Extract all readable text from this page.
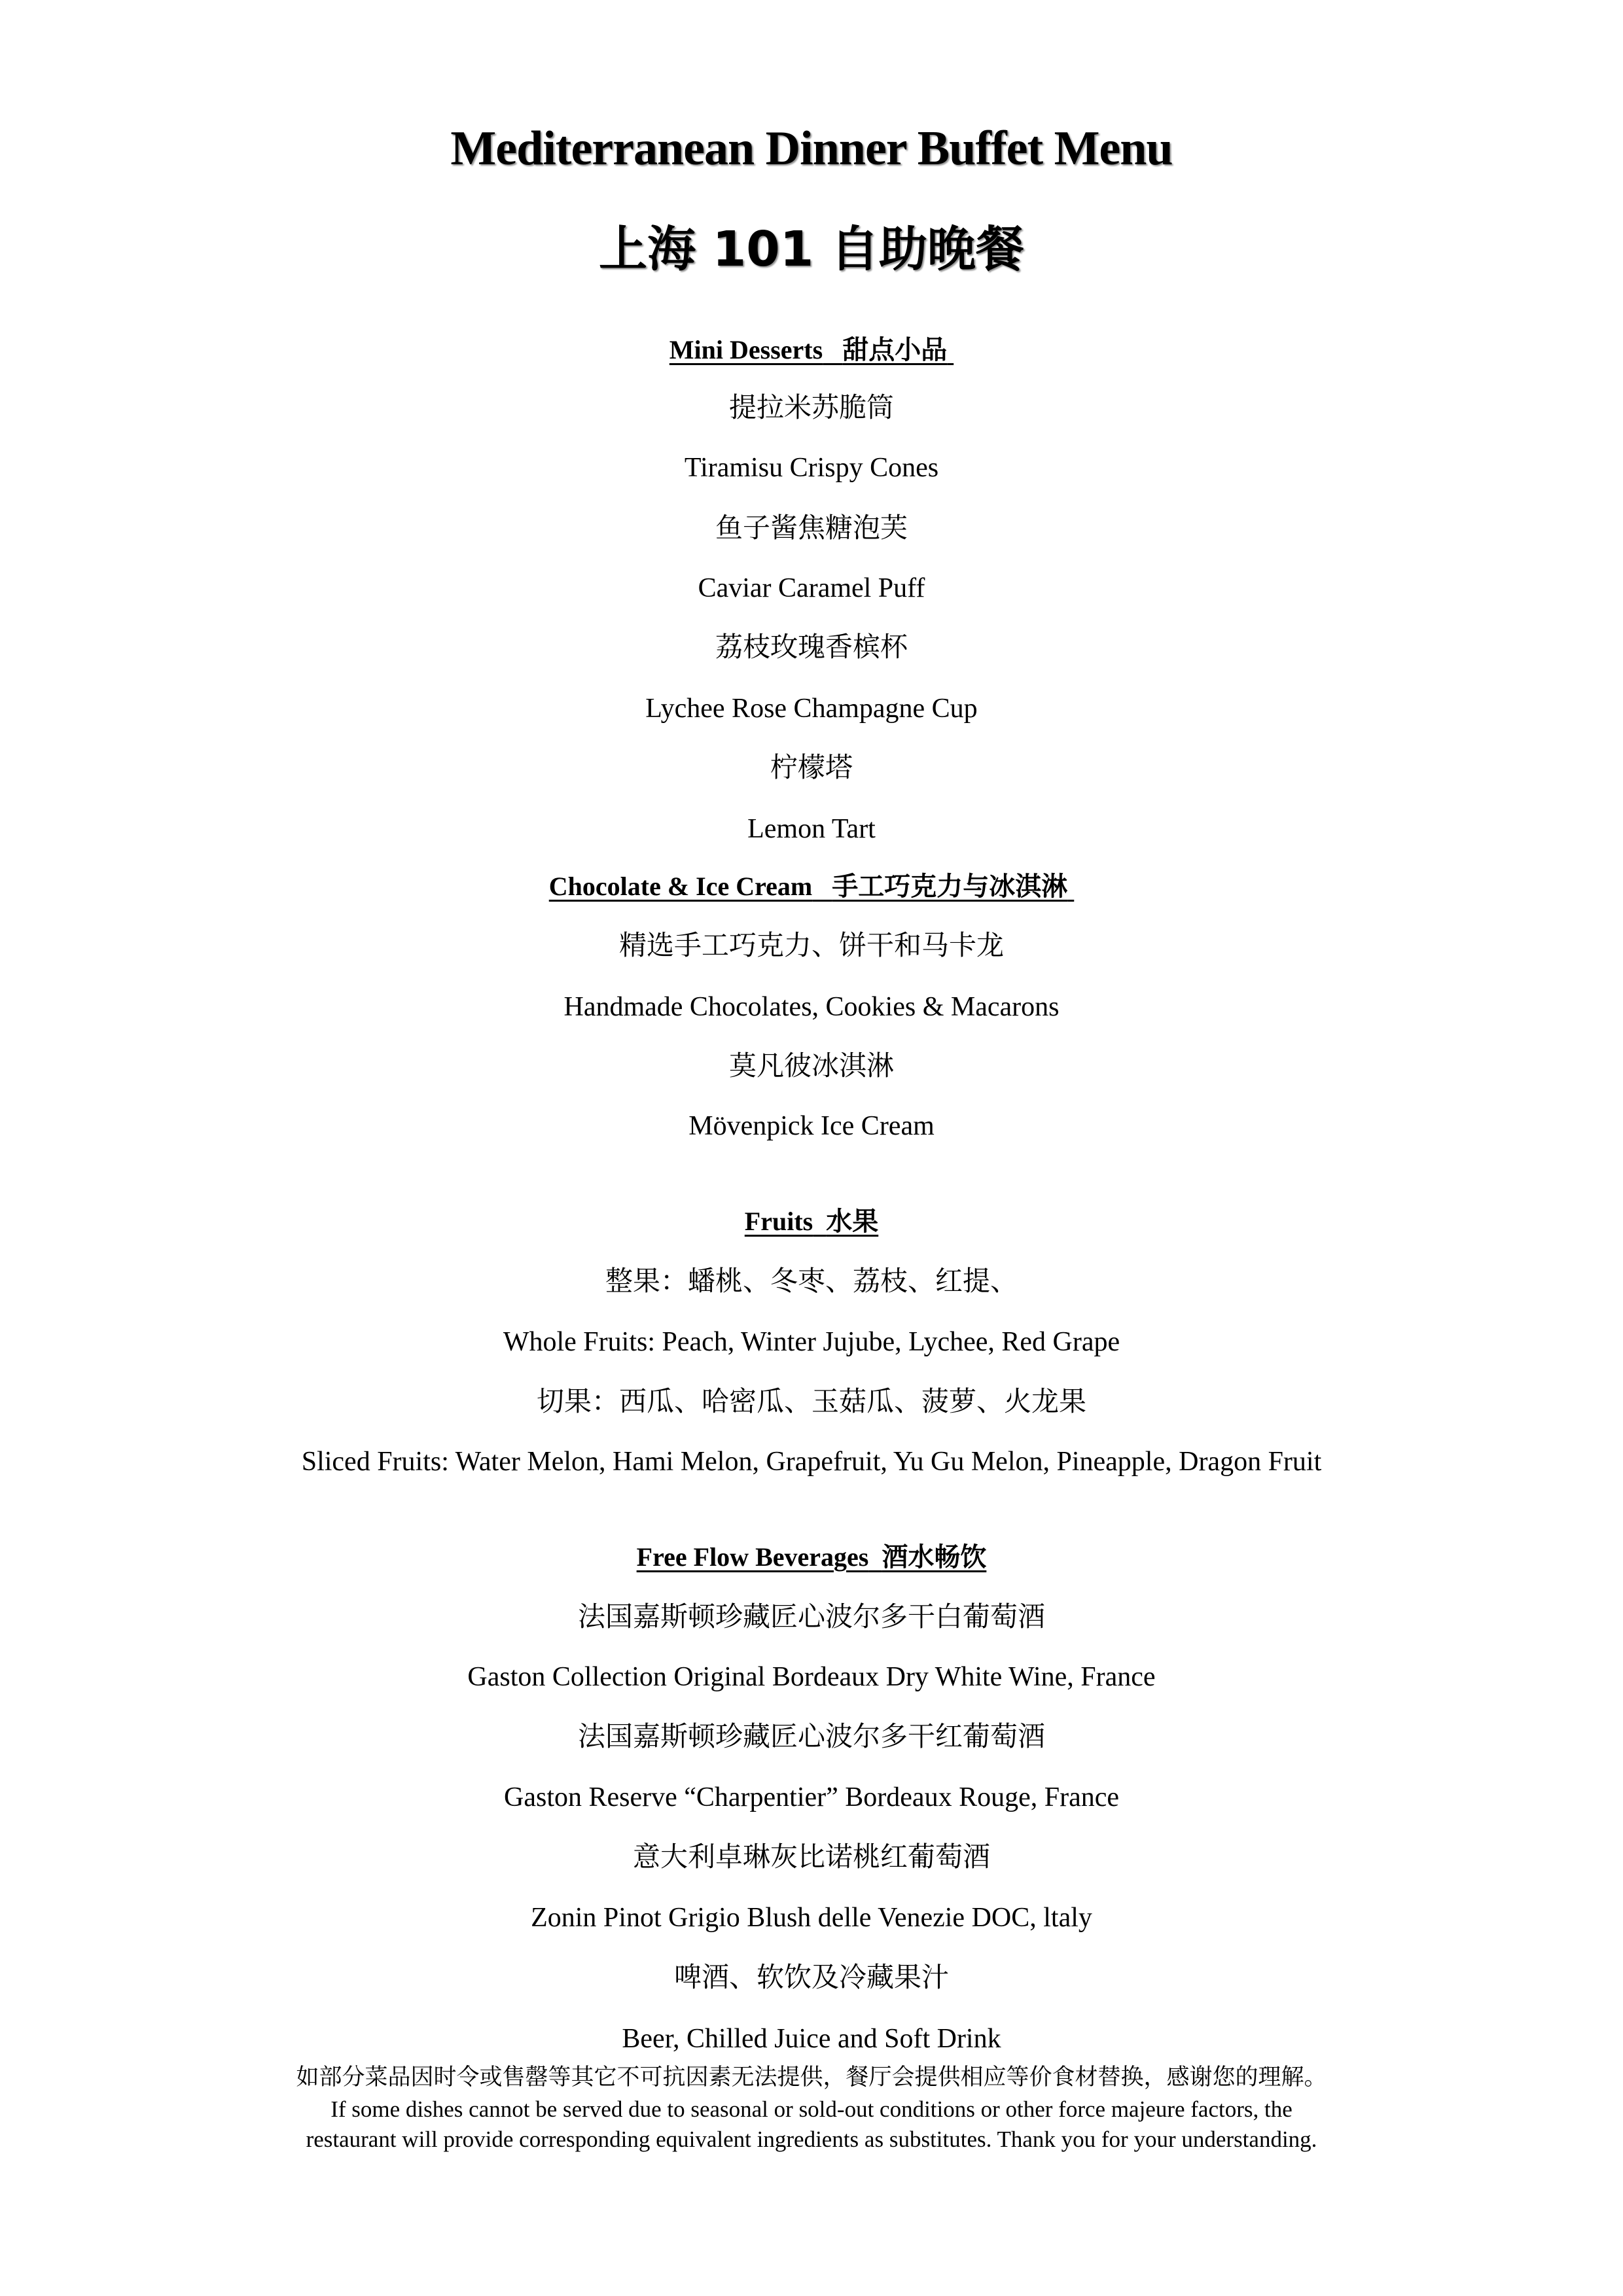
Mediterranean Dinner Buffet Menu
上海 101 自助晚餐
Mini Desserts 甜点小品

提拉米苏脆筒

Tiramisu Crispy Cones

鱼子酱焦糖泡芙

Caviar Caramel Puff

荔枝玫瑰香槟杯

Lychee Rose Champagne Cup

柠檬塔

Lemon Tart

Chocolate & Ice Cream 手工巧克力与冰淇淋

精选手工巧克力、饼干和马卡龙

Handmade Chocolates, Cookies & Macarons

莫凡彼冰淇淋

Mövenpick Ice Cream

Fruits 水果

整果：蟠桃、冬枣、荔枝、红提、

Whole Fruits: Peach, Winter Jujube, Lychee, Red Grape

切果：西瓜、哈密瓜、玉菇瓜、菠萝、火龙果

Sliced Fruits: Water Melon, Hami Melon, Grapefruit, Yu Gu Melon, Pineapple, Dragon Fruit

Free Flow Beverages 酒水畅饮

法国嘉斯顿珍藏匠心波尔多干白葡萄酒

Gaston Collection Original Bordeaux Dry White Wine, France

法国嘉斯顿珍藏匠心波尔多干红葡萄酒

Gaston Reserve “Charpentier” Bordeaux Rouge, France

意大利卓琳灰比诺桃红葡萄酒

Zonin Pinot Grigio Blush delle Venezie DOC, ltaly

啤酒、软饮及冷藏果汁

Beer, Chilled Juice and Soft Drink

如部分菜品因时令或售罄等其它不可抗因素无法提供，餐厅会提供相应等价食材替换，感谢您的理解。

If some dishes cannot be served due to seasonal or sold-out conditions or other force majeure factors, the

restaurant will provide corresponding equivalent ingredients as substitutes. Thank you for your understanding.
